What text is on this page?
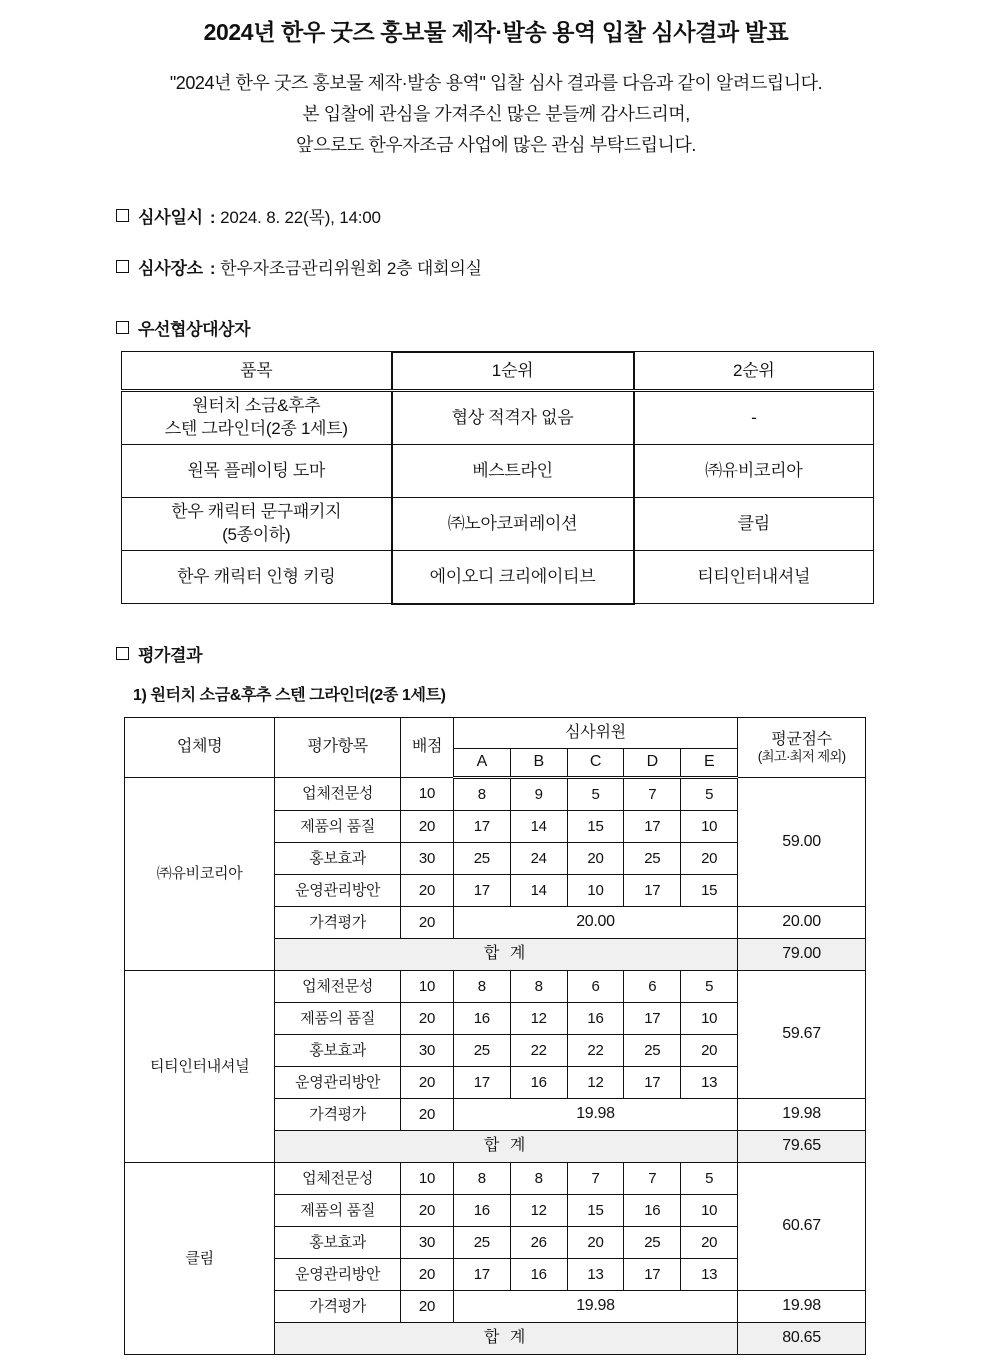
2024년 한우 굿즈 홍보물 제작·발송 용역 입찰 심사결과 발표
"2024년 한우 굿즈 홍보물 제작·발송 용역" 입찰 심사 결과를 다음과 같이 알려드립니다.
본 입찰에 관심을 가져주신 많은 분들께 감사드리며,
앞으로도 한우자조금 사업에 많은 관심 부탁드립니다.
심사일시 : 2024. 8. 22(목), 14:00
심사장소 : 한우자조금관리위원회 2층 대회의실
우선협상대상자
품목	1순위	2순위

원터치 소금&후추
스텐 그라인더(2종 1세트)	협상 적격자 없음	-
원목 플레이팅 도마	베스트라인	㈜유비코리아

한우 캐릭터 문구패키지
(5종이하)	㈜노아코퍼레이션	클림
한우 캐릭터 인형 키링	에이오디 크리에이티브	티티인터내셔널
평가결과
1) 원터치 소금&후추 스텐 그라인더(2종 1세트)
업체명	평가항목	배점	심사위원					평균점수
(최고·최저 제외)

			A	B	C	D	E	
㈜유비코리아	업체전문성	10	8	9	5	7	5	59.00
	제품의 품질	20	17	14	15	17	10	
	홍보효과	30	25	24	20	25	20	
	운영관리방안	20	17	14	10	17	15	
	가격평가	20	20.00					20.00
	합 계							79.00
티티인터내셔널	업체전문성	10	8	8	6	6	5	59.67
	제품의 품질	20	16	12	16	17	10	
	홍보효과	30	25	22	22	25	20	
	운영관리방안	20	17	16	12	17	13	
	가격평가	20	19.98					19.98
	합 계							79.65
클림	업체전문성	10	8	8	7	7	5	60.67
	제품의 품질	20	16	12	15	16	10	
	홍보효과	30	25	26	20	25	20	
	운영관리방안	20	17	16	13	17	13	
	가격평가	20	19.98					19.98
	합 계							80.65
